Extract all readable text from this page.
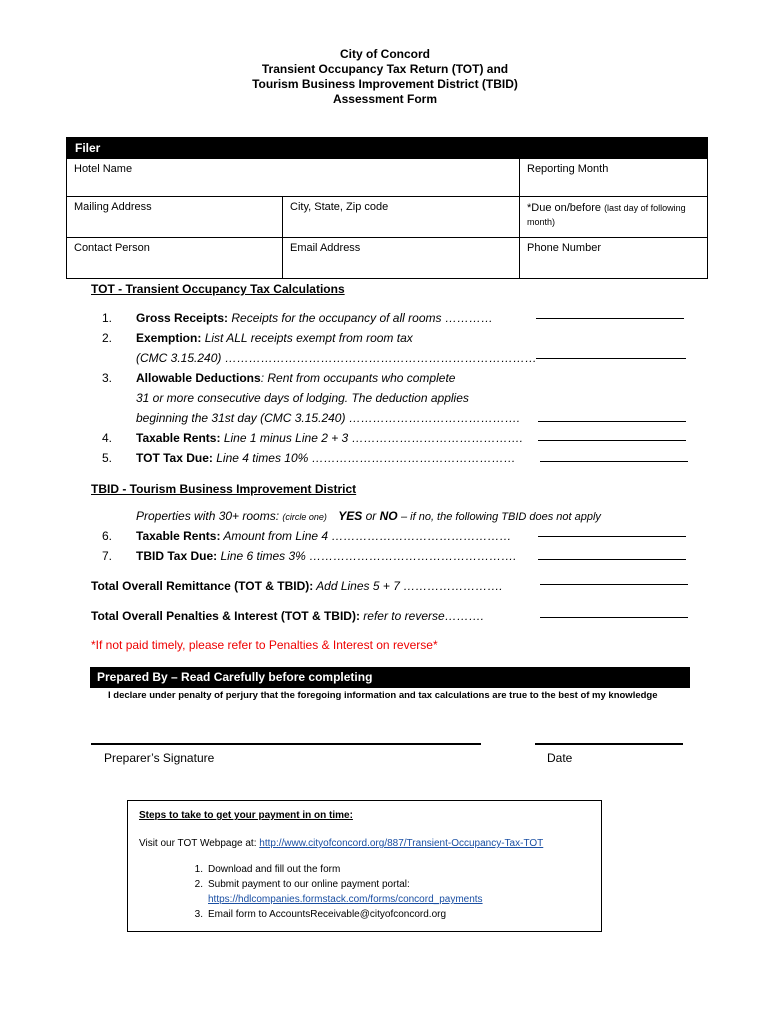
City of Concord
Transient Occupancy Tax Return (TOT) and
Tourism Business Improvement District (TBID)
Assessment Form
Filer
Hotel Name	Reporting Month
Mailing Address	City, State, Zip code	*Due on/before (last day of following month)
Contact Person	Email Address	Phone Number
TOT - Transient Occupancy Tax Calculations
1. Gross Receipts: Receipts for the occupancy of all rooms …………
2. Exemption: List ALL receipts exempt from room tax
(CMC 3.15.240) ……………………………………………………………………
3. Allowable Deductions: Rent from occupants who complete
31 or more consecutive days of lodging. The deduction applies
beginning the 31st day (CMC 3.15.240) …………………………………….
4. Taxable Rents: Line 1 minus Line 2 + 3 …………………………………….
5. TOT Tax Due: Line 4 times 10% ……………………………………………
TBID - Tourism Business Improvement District
Properties with 30+ rooms: (circle one) YES or NO – if no, the following TBID does not apply
6. Taxable Rents: Amount from Line 4 ………………………………………
7. TBID Tax Due: Line 6 times 3% …………………………………………….
Total Overall Remittance (TOT & TBID): Add Lines 5 + 7 …………………….
Total Overall Penalties & Interest (TOT & TBID): refer to reverse……….
*If not paid timely, please refer to Penalties & Interest on reverse*
Prepared By – Read Carefully before completing
I declare under penalty of perjury that the foregoing information and tax calculations are true to the best of my knowledge
Preparer’s Signature	Date
Steps to take to get your payment in on time:
Visit our TOT Webpage at: http://www.cityofconcord.org/887/Transient-Occupancy-Tax-TOT
1. Download and fill out the form
2. Submit payment to our online payment portal:
https://hdlcompanies.formstack.com/forms/concord_payments
3. Email form to AccountsReceivable@cityofconcord.org
